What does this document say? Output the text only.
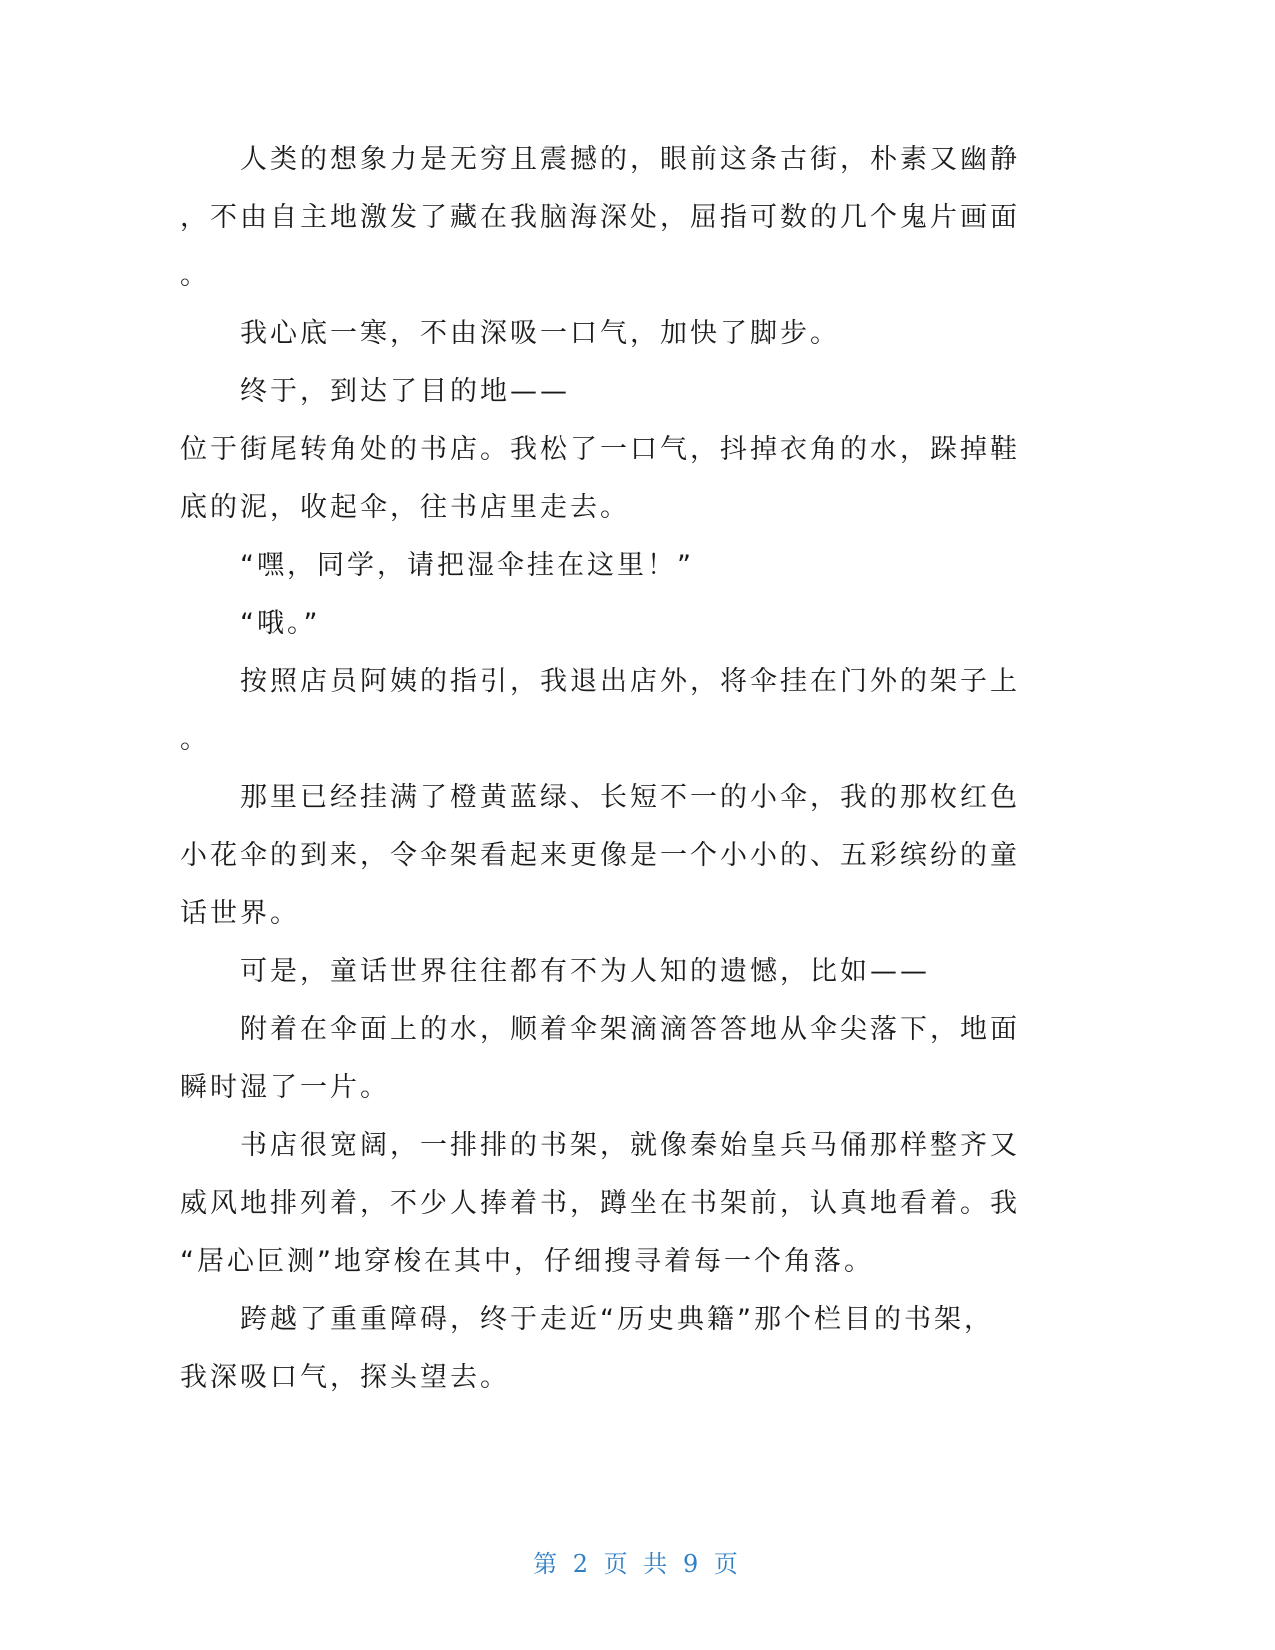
人类的想象力是无穷且震撼的，眼前这条古街，朴素又幽静
，不由自主地激发了藏在我脑海深处，屈指可数的几个鬼片画面
。
我心底一寒，不由深吸一口气，加快了脚步。
终于，到达了目的地——
位于街尾转角处的书店。我松了一口气，抖掉衣角的水，跺掉鞋
底的泥，收起伞，往书店里走去。
“嘿，同学，请把湿伞挂在这里！”
“哦。”
按照店员阿姨的指引，我退出店外，将伞挂在门外的架子上
。
那里已经挂满了橙黄蓝绿、长短不一的小伞，我的那枚红色
小花伞的到来，令伞架看起来更像是一个小小的、五彩缤纷的童
话世界。
可是，童话世界往往都有不为人知的遗憾，比如——
附着在伞面上的水，顺着伞架滴滴答答地从伞尖落下，地面
瞬时湿了一片。
书店很宽阔，一排排的书架，就像秦始皇兵马俑那样整齐又
威风地排列着，不少人捧着书，蹲坐在书架前，认真地看着。我
“居心叵测”地穿梭在其中，仔细搜寻着每一个角落。
跨越了重重障碍，终于走近“历史典籍”那个栏目的书架，
我深吸口气，探头望去。
第 2 页 共 9 页
